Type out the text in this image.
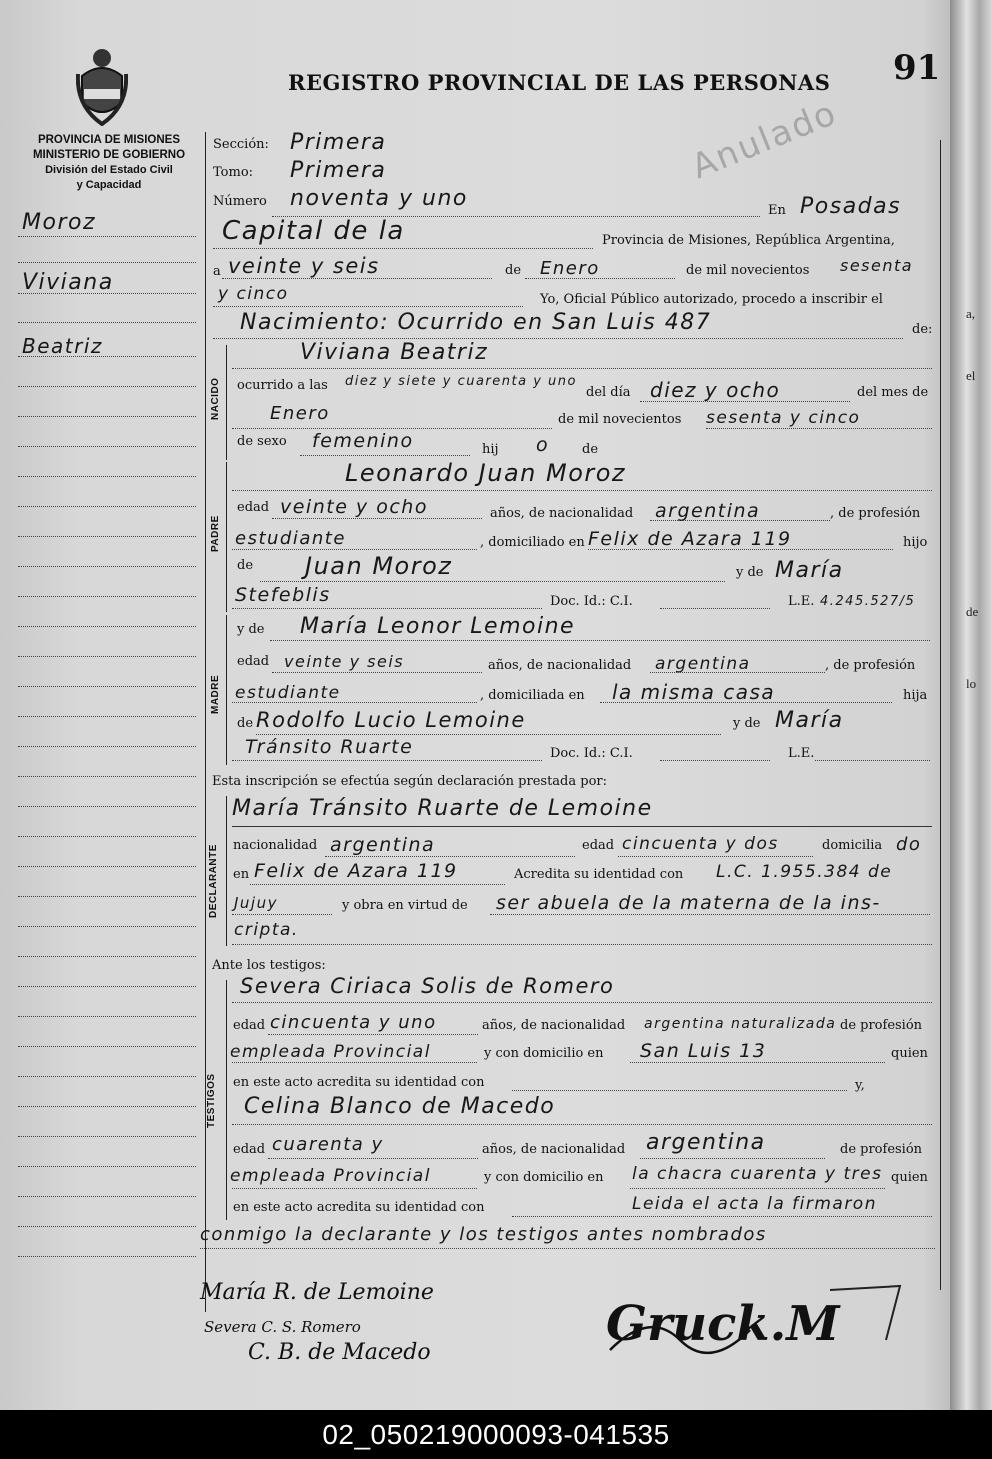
REGISTRO PROVINCIAL DE LAS PERSONAS 91
Anulado
PROVINCIA DE MISIONES
MINISTERIO DE GOBIERNO
División del Estado Civil
y Capacidad
Moroz
Viviana
Beatriz
Sección: Primera
Tomo: Primera
Número noventa y uno	En Posadas
Capital de la	Provincia de Misiones, República Argentina,
a veinte y seis	de Enero	de mil novecientos sesenta
y cinco	Yo, Oficial Público autorizado, procedo a inscribir el
Nacimiento: Ocurrido en San Luis 487	de:
NACIDO
Viviana Beatriz
ocurrido a las diez y siete y cuarenta y uno
del día diez y ocho	del mes de
Enero	de mil novecientos sesenta y cinco
de sexo femenino	hij o	de
PADRE
Leonardo Juan Moroz
edad veinte y ocho	años, de nacionalidad argentina	, de profesión
estudiante	, domiciliado en Felix de Azara 119	hijo
de Juan Moroz	y de María
Stefeblis	Doc. Id.: C.I.	L.E. 4.245.527/5
MADRE
y de María Leonor Lemoine
edad veinte y seis	años, de nacionalidad argentina	, de profesión
estudiante	, domiciliada en la misma casa	hija
de Rodolfo Lucio Lemoine	y de María
Tránsito Ruarte	Doc. Id.: C.I.	L.E.
Esta inscripción se efectúa según declaración prestada por:
DECLARANTE
María Tránsito Ruarte de Lemoine
nacionalidad argentina	edad cincuenta y dos	domicilia do
en Felix de Azara 119	Acredita su identidad con L.C. 1.955.384 de
Jujuy	y obra en virtud de ser abuela de la materna de la ins-
cripta.
Ante los testigos:
TESTIGOS
Severa Ciriaca Solis de Romero
edad cincuenta y uno	años, de nacionalidad argentina naturalizada de profesión
empleada Provincial	y con domicilio en San Luis 13	quien
en este acto acredita su identidad con	y,
Celina Blanco de Macedo
edad cuarenta y	años, de nacionalidad argentina	de profesión
empleada Provincial	y con domicilio en la chacra cuarenta y tres quien
en este acto acredita su identidad con	Leida el acta la firmaron
conmigo la declarante y los testigos antes nombrados
María R. de Lemoine
Severa C. S. Romero
C. B. de Macedo
Gruck.M
a,
el
de
lo
02_050219000093-041535
